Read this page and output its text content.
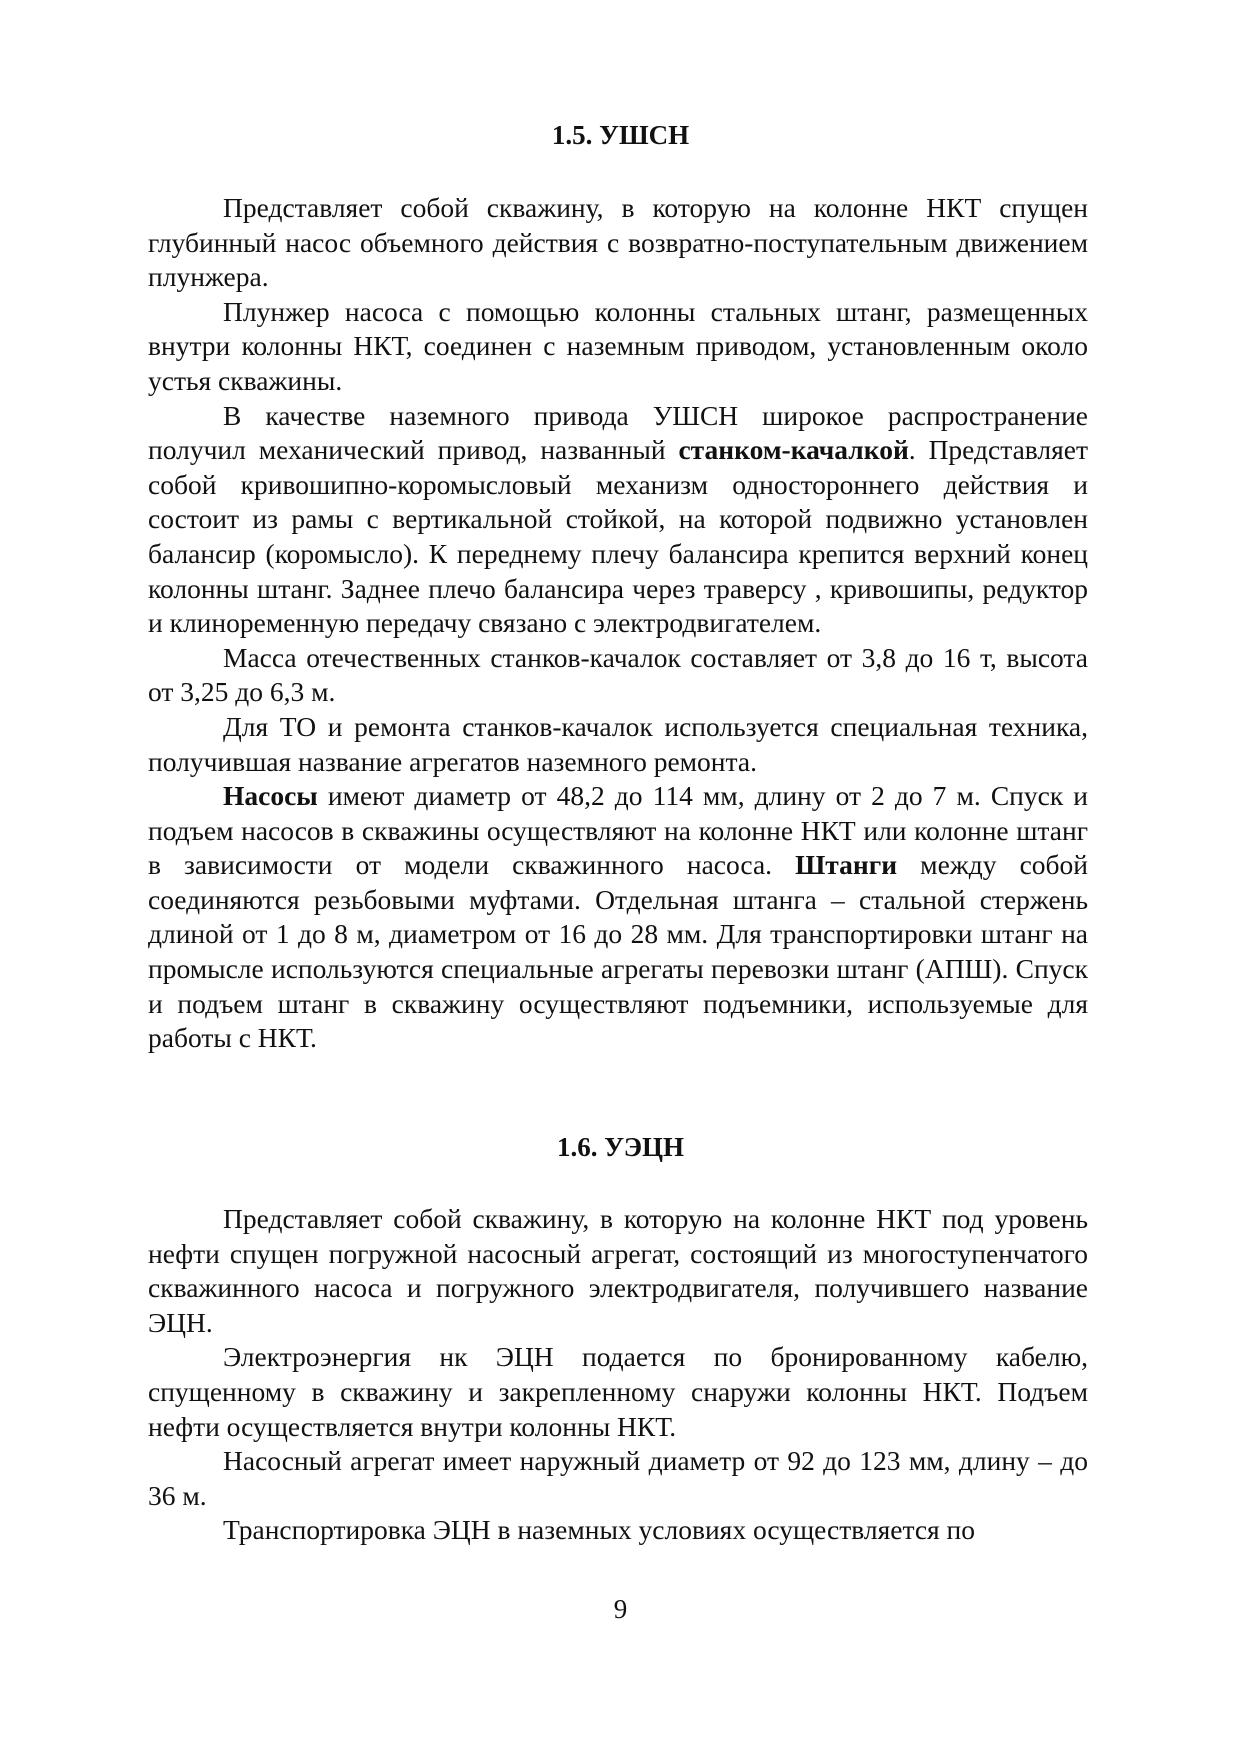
1.5. УШСН

Представляет собой скважину, в которую на колонне НКТ спущен глубинный насос объемного действия с возвратно-поступательным движением плунжера.

Плунжер насоса с помощью колонны стальных штанг, размещенных внутри колонны НКТ, соединен с наземным приводом, установленным около устья скважины.

В качестве наземного привода УШСН широкое распространение получил механический привод, названный станком-качалкой. Представляет собой кривошипно-коромысловый механизм одностороннего действия и состоит из рамы с вертикальной стойкой, на которой подвижно установлен балансир (коромысло). К переднему плечу балансира крепится верхний конец колонны штанг. Заднее плечо балансира через траверсу , кривошипы, редуктор и клиноременную передачу связано с электродвигателем.

Масса отечественных станков-качалок составляет от 3,8 до 16 т, высота от 3,25 до 6,3 м.

Для ТО и ремонта станков-качалок используется специальная техника, получившая название агрегатов наземного ремонта.

Насосы имеют диаметр от 48,2 до 114 мм, длину от 2 до 7 м. Спуск и подъем насосов в скважины осуществляют на колонне НКТ или колонне штанг в зависимости от модели скважинного насоса. Штанги между собой соединяются резьбовыми муфтами. Отдельная штанга – стальной стержень длиной от 1 до 8 м, диаметром от 16 до 28 мм. Для транспортировки штанг на промысле используются специальные агрегаты перевозки штанг (АПШ). Спуск и подъем штанг в скважину осуществляют подъемники, используемые для работы с НКТ.

1.6. УЭЦН

Представляет собой скважину, в которую на колонне НКТ под уровень нефти спущен погружной насосный агрегат, состоящий из многоступенчатого скважинного насоса и погружного электродвигателя, получившего название ЭЦН.

Электроэнергия нк ЭЦН подается по бронированному кабелю, спущенному в скважину и закрепленному снаружи колонны НКТ. Подъем нефти осуществляется внутри колонны НКТ.

Насосный агрегат имеет наружный диаметр от 92 до 123 мм, длину – до 36 м.

Транспортировка ЭЦН в наземных условиях осуществляется по

9
